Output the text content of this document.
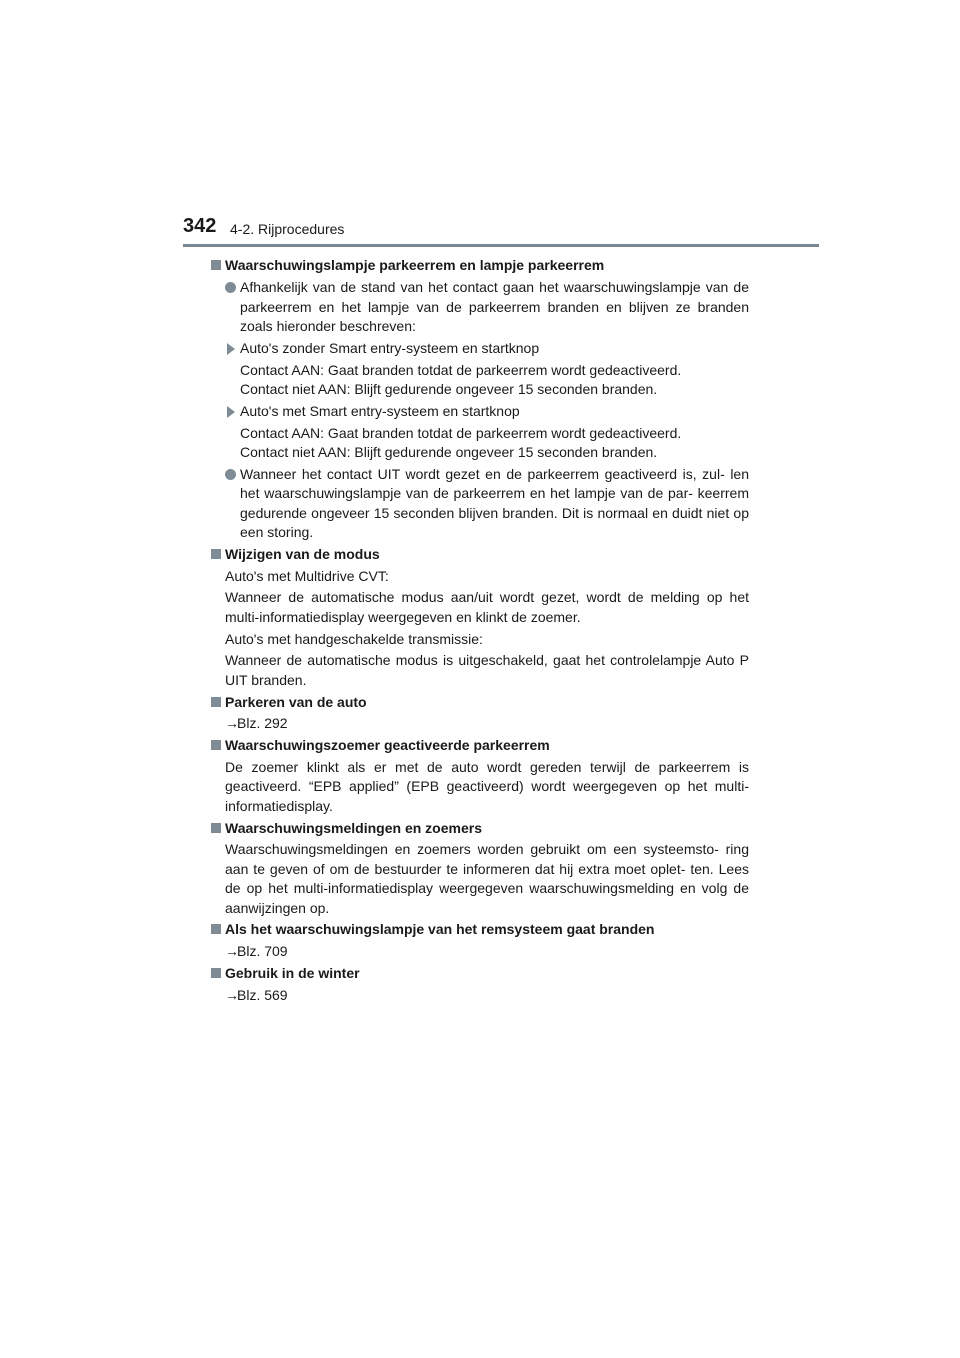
342 4-2. Rijprocedures
Waarschuwingslampje parkeerrem en lampje parkeerrem
Afhankelijk van de stand van het contact gaan het waarschuwingslampje van de parkeerrem en het lampje van de parkeerrem branden en blijven ze branden zoals hieronder beschreven:
Auto's zonder Smart entry-systeem en startknop
Contact AAN: Gaat branden totdat de parkeerrem wordt gedeactiveerd.
Contact niet AAN: Blijft gedurende ongeveer 15 seconden branden.
Auto's met Smart entry-systeem en startknop
Contact AAN: Gaat branden totdat de parkeerrem wordt gedeactiveerd.
Contact niet AAN: Blijft gedurende ongeveer 15 seconden branden.
Wanneer het contact UIT wordt gezet en de parkeerrem geactiveerd is, zul- len het waarschuwingslampje van de parkeerrem en het lampje van de par- keerrem gedurende ongeveer 15 seconden blijven branden. Dit is normaal en duidt niet op een storing.
Wijzigen van de modus
Auto's met Multidrive CVT:
Wanneer de automatische modus aan/uit wordt gezet, wordt de melding op het multi-informatiedisplay weergegeven en klinkt de zoemer.
Auto's met handgeschakelde transmissie:
Wanneer de automatische modus is uitgeschakeld, gaat het controlelampje Auto P UIT branden.
Parkeren van de auto
→Blz. 292
Waarschuwingszoemer geactiveerde parkeerrem
De zoemer klinkt als er met de auto wordt gereden terwijl de parkeerrem is geactiveerd. “EPB applied” (EPB geactiveerd) wordt weergegeven op het multi-informatiedisplay.
Waarschuwingsmeldingen en zoemers
Waarschuwingsmeldingen en zoemers worden gebruikt om een systeemsto- ring aan te geven of om de bestuurder te informeren dat hij extra moet oplet- ten. Lees de op het multi-informatiedisplay weergegeven waarschuwingsmelding en volg de aanwijzingen op.
Als het waarschuwingslampje van het remsysteem gaat branden
→Blz. 709
Gebruik in de winter
→Blz. 569
